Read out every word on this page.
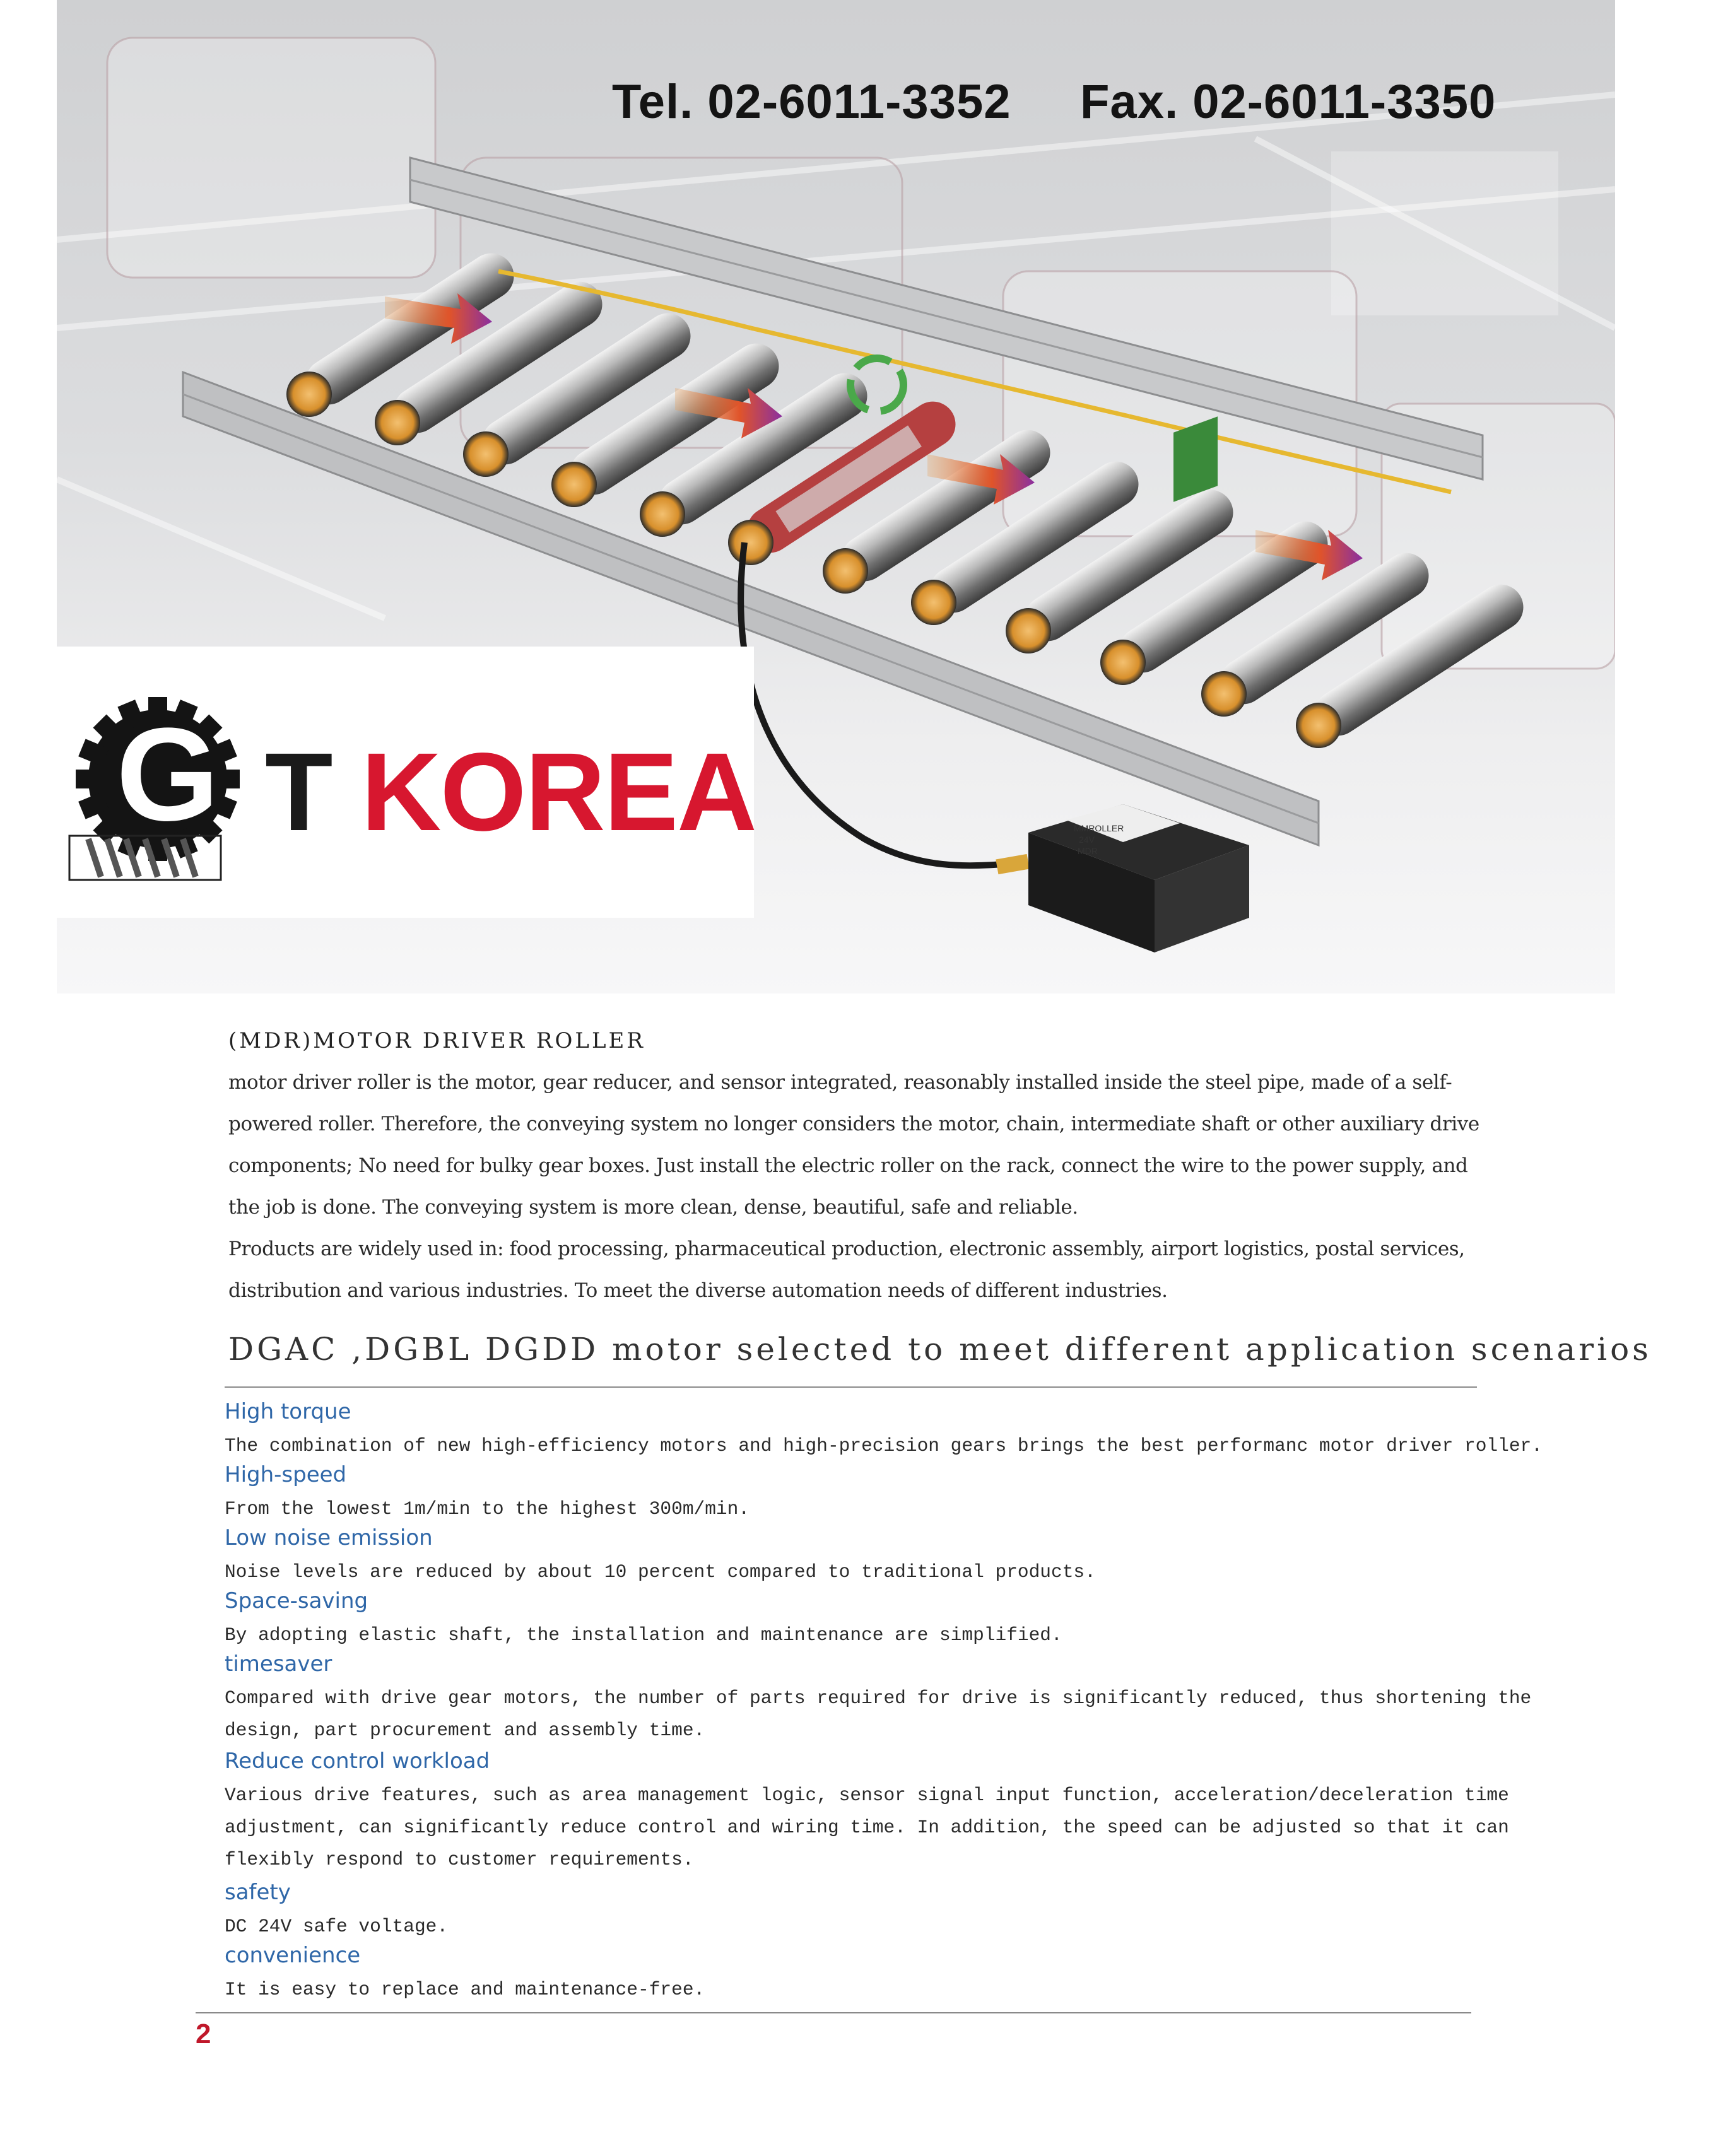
MMROLLER
24V
MDR
Tel. 02-6011-3352 Fax. 02-6011-3350
G T KOREA
(MDR)MOTOR DRIVER ROLLER

motor driver roller is the motor, gear reducer, and sensor integrated, reasonably installed inside the steel pipe, made of a self-

powered roller. Therefore, the conveying system no longer considers the motor, chain, intermediate shaft or other auxiliary drive

components; No need for bulky gear boxes. Just install the electric roller on the rack, connect the wire to the power supply, and

the job is done. The conveying system is more clean, dense, beautiful, safe and reliable.

Products are widely used in: food processing, pharmaceutical production, electronic assembly, airport logistics, postal services,

distribution and various industries. To meet the diverse automation needs of different industries.

DGAC ,DGBL DGDD motor selected to meet different application scenarios
High torque
The combination of new high-efficiency motors and high-precision gears brings the best performanc motor driver roller.
High-speed
From the lowest 1m/min to the highest 300m/min.
Low noise emission
Noise levels are reduced by about 10 percent compared to traditional products.
Space-saving
By adopting elastic shaft, the installation and maintenance are simplified.
timesaver
Compared with drive gear motors, the number of parts required for drive is significantly reduced, thus shortening the
design, part procurement and assembly time.
Reduce control workload
Various drive features, such as area management logic, sensor signal input function, acceleration/deceleration time
adjustment, can significantly reduce control and wiring time. In addition, the speed can be adjusted so that it can
flexibly respond to customer requirements.
safety
DC 24V safe voltage.
convenience
It is easy to replace and maintenance-free.
2
